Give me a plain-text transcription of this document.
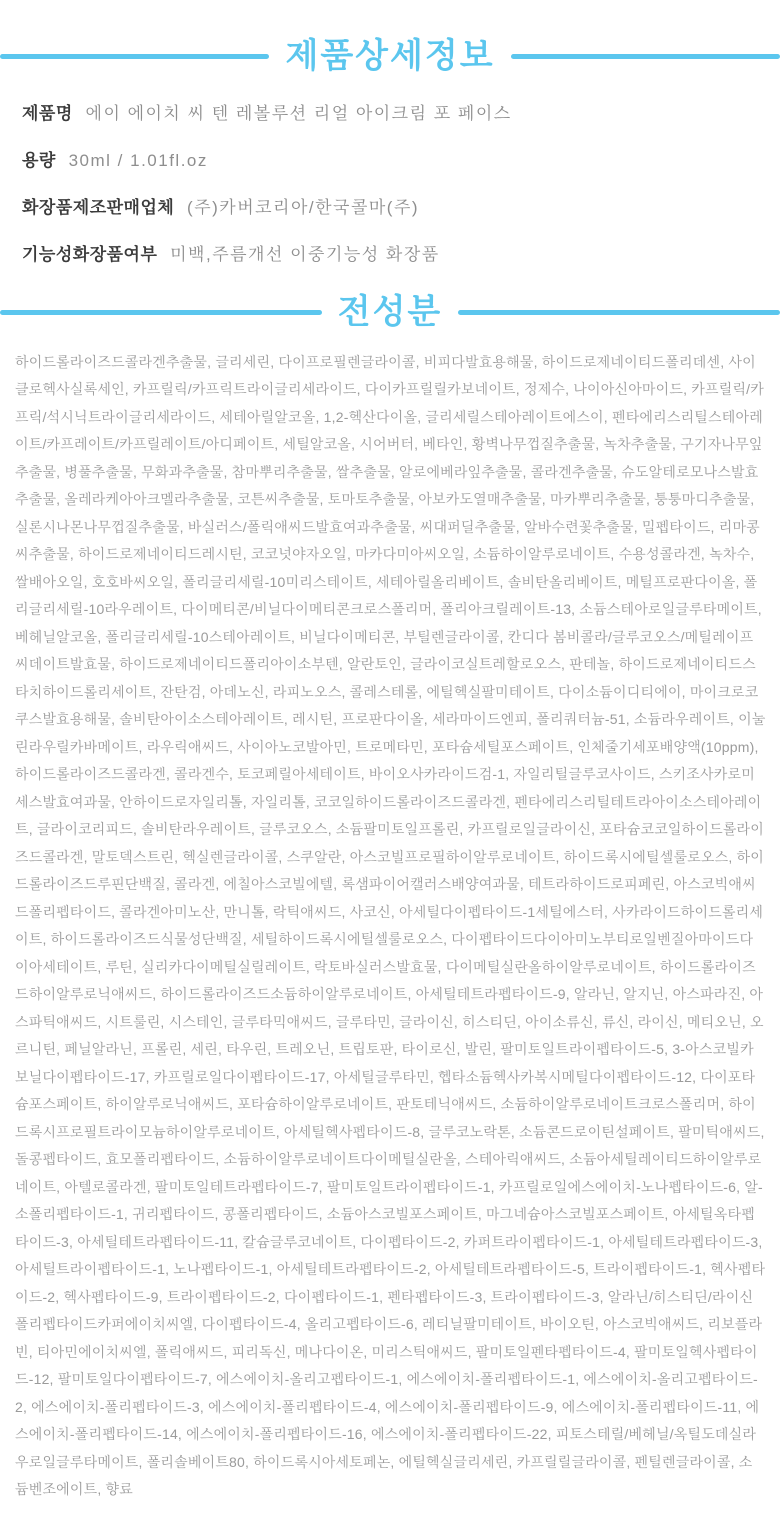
제품상세정보
제품명 에이 에이치 씨 텐 레볼루션 리얼 아이크림 포 페이스
용량 30ml / 1.01fl.oz
화장품제조판매업체 (주)카버코리아/한국콜마(주)
기능성화장품여부 미백,주름개선 이중기능성 화장품
전성분

하이드롤라이즈드콜라겐추출물, 글리세린, 다이프로필렌글라이콜, 비피다발효용해물, 하이드로제네이티드폴리데센, 사이클로헥사실록세인, 카프릴릭/카프릭트라이글리세라이드, 다이카프릴릴카보네이트, 정제수, 나이아신아마이드, 카프릴릭/카프릭/석시닉트라이글리세라이드, 세테아릴알코올, 1,2-헥산다이올, 글리세릴스테아레이트에스이, 펜타에리스리틸스테아레이트/카프레이트/카프릴레이트/아디페이트, 세틸알코올, 시어버터, 베타인, 황벽나무껍질추출물, 녹차추출물, 구기자나무잎추출물, 병풀추출물, 무화과추출물, 참마뿌리추출물, 쌀추출물, 알로에베라잎추출물, 콜라겐추출물, 슈도알테로모나스발효추출물, 올레라케아아크멜라추출물, 코튼씨추출물, 토마토추출물, 아보카도열매추출물, 마카뿌리추출물, 퉁퉁마디추출물, 실론시나몬나무껍질추출물, 바실러스/폴릭애씨드발효여과추출물, 씨대퍼딜추출물, 알바수련꽃추출물, 밀펩타이드, 리마콩씨추출물, 하이드로제네이티드레시틴, 코코넛야자오일, 마카다미아씨오일, 소듐하이알루로네이트, 수용성콜라겐, 녹차수, 쌀배아오일, 호호바씨오일, 폴리글리세릴-10미리스테이트, 세테아릴올리베이트, 솔비탄올리베이트, 메틸프로판다이올, 폴리글리세릴-10라우레이트, 다이메티콘/비닐다이메티콘크로스폴리머, 폴리아크릴레이트-13, 소듐스테아로일글루타메이트, 베헤닐알코올, 폴리글리세릴-10스테아레이트, 비닐다이메티콘, 부틸렌글라이콜, 칸디다 봄비콜라/글루코오스/메틸레이프씨데이트발효물, 하이드로제네이티드폴리아이소부텐, 알란토인, 글라이코실트레할로오스, 판테놀, 하이드로제네이티드스타치하이드롤리세이트, 잔탄검, 아데노신, 라피노오스, 콜레스테롤, 에틸헥실팔미테이트, 다이소듐이디티에이, 마이크로코쿠스발효용해물, 솔비탄아이소스테아레이트, 레시틴, 프로판다이올, 세라마이드엔피, 폴리쿼터늄-51, 소듐라우레이트, 이눌린라우릴카바메이트, 라우릭애씨드, 사이아노코발아민, 트로메타민, 포타슘세틸포스페이트, 인체줄기세포배양액(10ppm), 하이드롤라이즈드콜라겐, 콜라겐수, 토코페릴아세테이트, 바이오사카라이드검-1, 자일리틸글루코사이드, 스키조사카로미세스발효여과물, 안하이드로자일리톨, 자일리톨, 코코일하이드롤라이즈드콜라겐, 펜타에리스리틸테트라아이소스테아레이트, 글라이코리피드, 솔비탄라우레이트, 글루코오스, 소듐팔미토일프롤린, 카프릴로일글라이신, 포타슘코코일하이드롤라이즈드콜라겐, 말토덱스트린, 헥실렌글라이콜, 스쿠알란, 아스코빌프로필하이알루로네이트, 하이드록시에틸셀룰로오스, 하이드롤라이즈드루핀단백질, 콜라겐, 에칠아스코빌에텔, 록샘파이어캘러스배양여과물, 테트라하이드로피페린, 아스코빅애씨드폴리펩타이드, 콜라겐아미노산, 만니톨, 락틱애씨드, 사코신, 아세틸다이펩타이드-1세틸에스터, 사카라이드하이드롤리세이트, 하이드롤라이즈드식물성단백질, 세틸하이드록시에틸셀룰로오스, 다이펩타이드다이아미노부티로일벤질아마이드다이아세테이트, 루틴, 실리카다이메틸실릴레이트, 락토바실러스발효물, 다이메틸실란올하이알루로네이트, 하이드롤라이즈드하이알루로닉애씨드, 하이드롤라이즈드소듐하이알루로네이트, 아세틸테트라펩타이드-9, 알라닌, 알지닌, 아스파라진, 아스파틱애씨드, 시트룰린, 시스테인, 글루타믹애씨드, 글루타민, 글라이신, 히스티딘, 아이소류신, 류신, 라이신, 메티오닌, 오르니틴, 페닐알라닌, 프롤린, 세린, 타우린, 트레오닌, 트립토판, 타이로신, 발린, 팔미토일트라이펩타이드-5, 3-아스코빌카보닐다이펩타이드-17, 카프릴로일다이펩타이드-17, 아세틸글루타민, 헵타소듐헥사카복시메틸다이펩타이드-12, 다이포타슘포스페이트, 하이알루로닉애씨드, 포타슘하이알루로네이트, 판토테닉애씨드, 소듐하이알루로네이트크로스폴리머, 하이드록시프로필트라이모늄하이알루로네이트, 아세틸헥사펩타이드-8, 글루코노락톤, 소듐콘드로이틴설페이트, 팔미틱애씨드, 돌콩펩타이드, 효모폴리펩타이드, 소듐하이알루로네이트다이메틸실란올, 스테아릭애씨드, 소듐아세틸레이티드하이알루로네이트, 아텔로콜라겐, 팔미토일테트라펩타이드-7, 팔미토일트라이펩타이드-1, 카프릴로일에스에이치-노나펩타이드-6, 알-소폴리펩타이드-1, 귀리펩타이드, 콩폴리펩타이드, 소듐아스코빌포스페이트, 마그네슘아스코빌포스페이트, 아세틸옥타펩타이드-3, 아세틸테트라펩타이드-11, 칼슘글루코네이트, 다이펩타이드-2, 카퍼트라이펩타이드-1, 아세틸테트라펩타이드-3, 아세틸트라이펩타이드-1, 노나펩타이드-1, 아세틸테트라펩타이드-2, 아세틸테트라펩타이드-5, 트라이펩타이드-1, 헥사펩타이드-2, 헥사펩타이드-9, 트라이펩타이드-2, 다이펩타이드-1, 펜타펩타이드-3, 트라이펩타이드-3, 알라닌/히스티딘/라이신폴리펩타이드카퍼에이치씨엘, 다이펩타이드-4, 올리고펩타이드-6, 레티닐팔미테이트, 바이오틴, 아스코빅애씨드, 리보플라빈, 티아민에이치씨엘, 폴릭애씨드, 피리독신, 메나다이온, 미리스틱애씨드, 팔미토일펜타펩타이드-4, 팔미토일헥사펩타이드-12, 팔미토일다이펩타이드-7, 에스에이치-올리고펩타이드-1, 에스에이치-폴리펩타이드-1, 에스에이치-올리고펩타이드-2, 에스에이치-폴리펩타이드-3, 에스에이치-폴리펩타이드-4, 에스에이치-폴리펩타이드-9, 에스에이치-폴리펩타이드-11, 에스에이치-폴리펩타이드-14, 에스에이치-폴리펩타이드-16, 에스에이치-폴리펩타이드-22, 피토스테릴/베헤닐/옥틸도데실라우로일글루타메이트, 폴리솔베이트80, 하이드록시아세토페논, 에틸헥실글리세린, 카프릴릴글라이콜, 펜틸렌글라이콜, 소듐벤조에이트, 향료
